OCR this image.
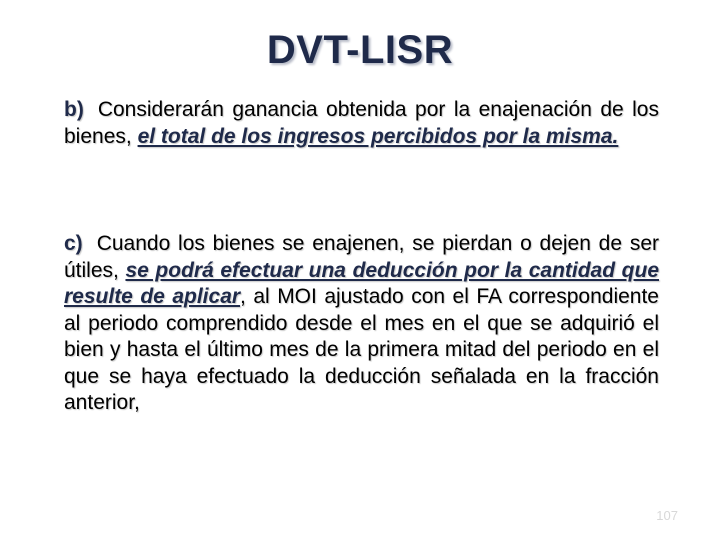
DVT-LISR

b) Considerarán ganancia obtenida por la enajenación de los bienes, el total de los ingresos percibidos por la misma.

c) Cuando los bienes se enajenen, se pierdan o dejen de ser útiles, se podrá efectuar una deducción por la cantidad que resulte de aplicar, al MOI ajustado con el FA correspondiente al periodo comprendido desde el mes en el que se adquirió el bien y hasta el último mes de la primera mitad del periodo en el que se haya efectuado la deducción señalada en la fracción anterior,

107
